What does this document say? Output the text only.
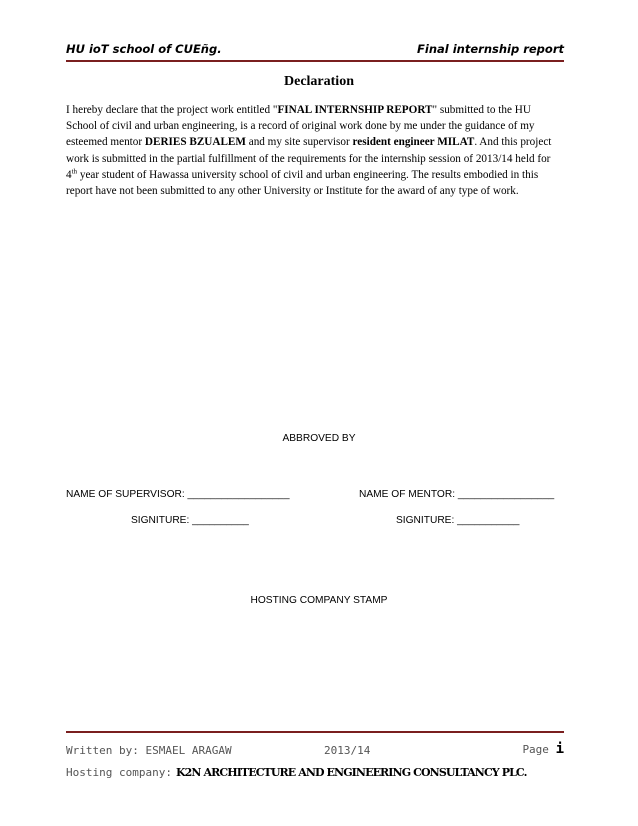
HU ioT school of CUEñg.	Final internship report
Declaration
I hereby declare that the project work entitled "FINAL INTERNSHIP REPORT" submitted to the HU School of civil and urban engineering, is a record of original work done by me under the guidance of my esteemed mentor DERIES BZUALEM and my site supervisor resident engineer MILAT. And this project work is submitted in the partial fulfillment of the requirements for the internship session of 2013/14 held for 4th year student of Hawassa university school of civil and urban engineering. The results embodied in this report have not been submitted to any other University or Institute for the award of any type of work.
ABBROVED BY
NAME OF SUPERVISOR: __________________	NAME OF MENTOR: _________________
SIGNITURE: __________	SIGNITURE: ___________
HOSTING COMPANY STAMP
Written by: ESMAEL ARAGAW	2013/14	Page i
Hosting company: K2N ARCHITECTURE AND ENGINEERING CONSULTANCY PLC.
